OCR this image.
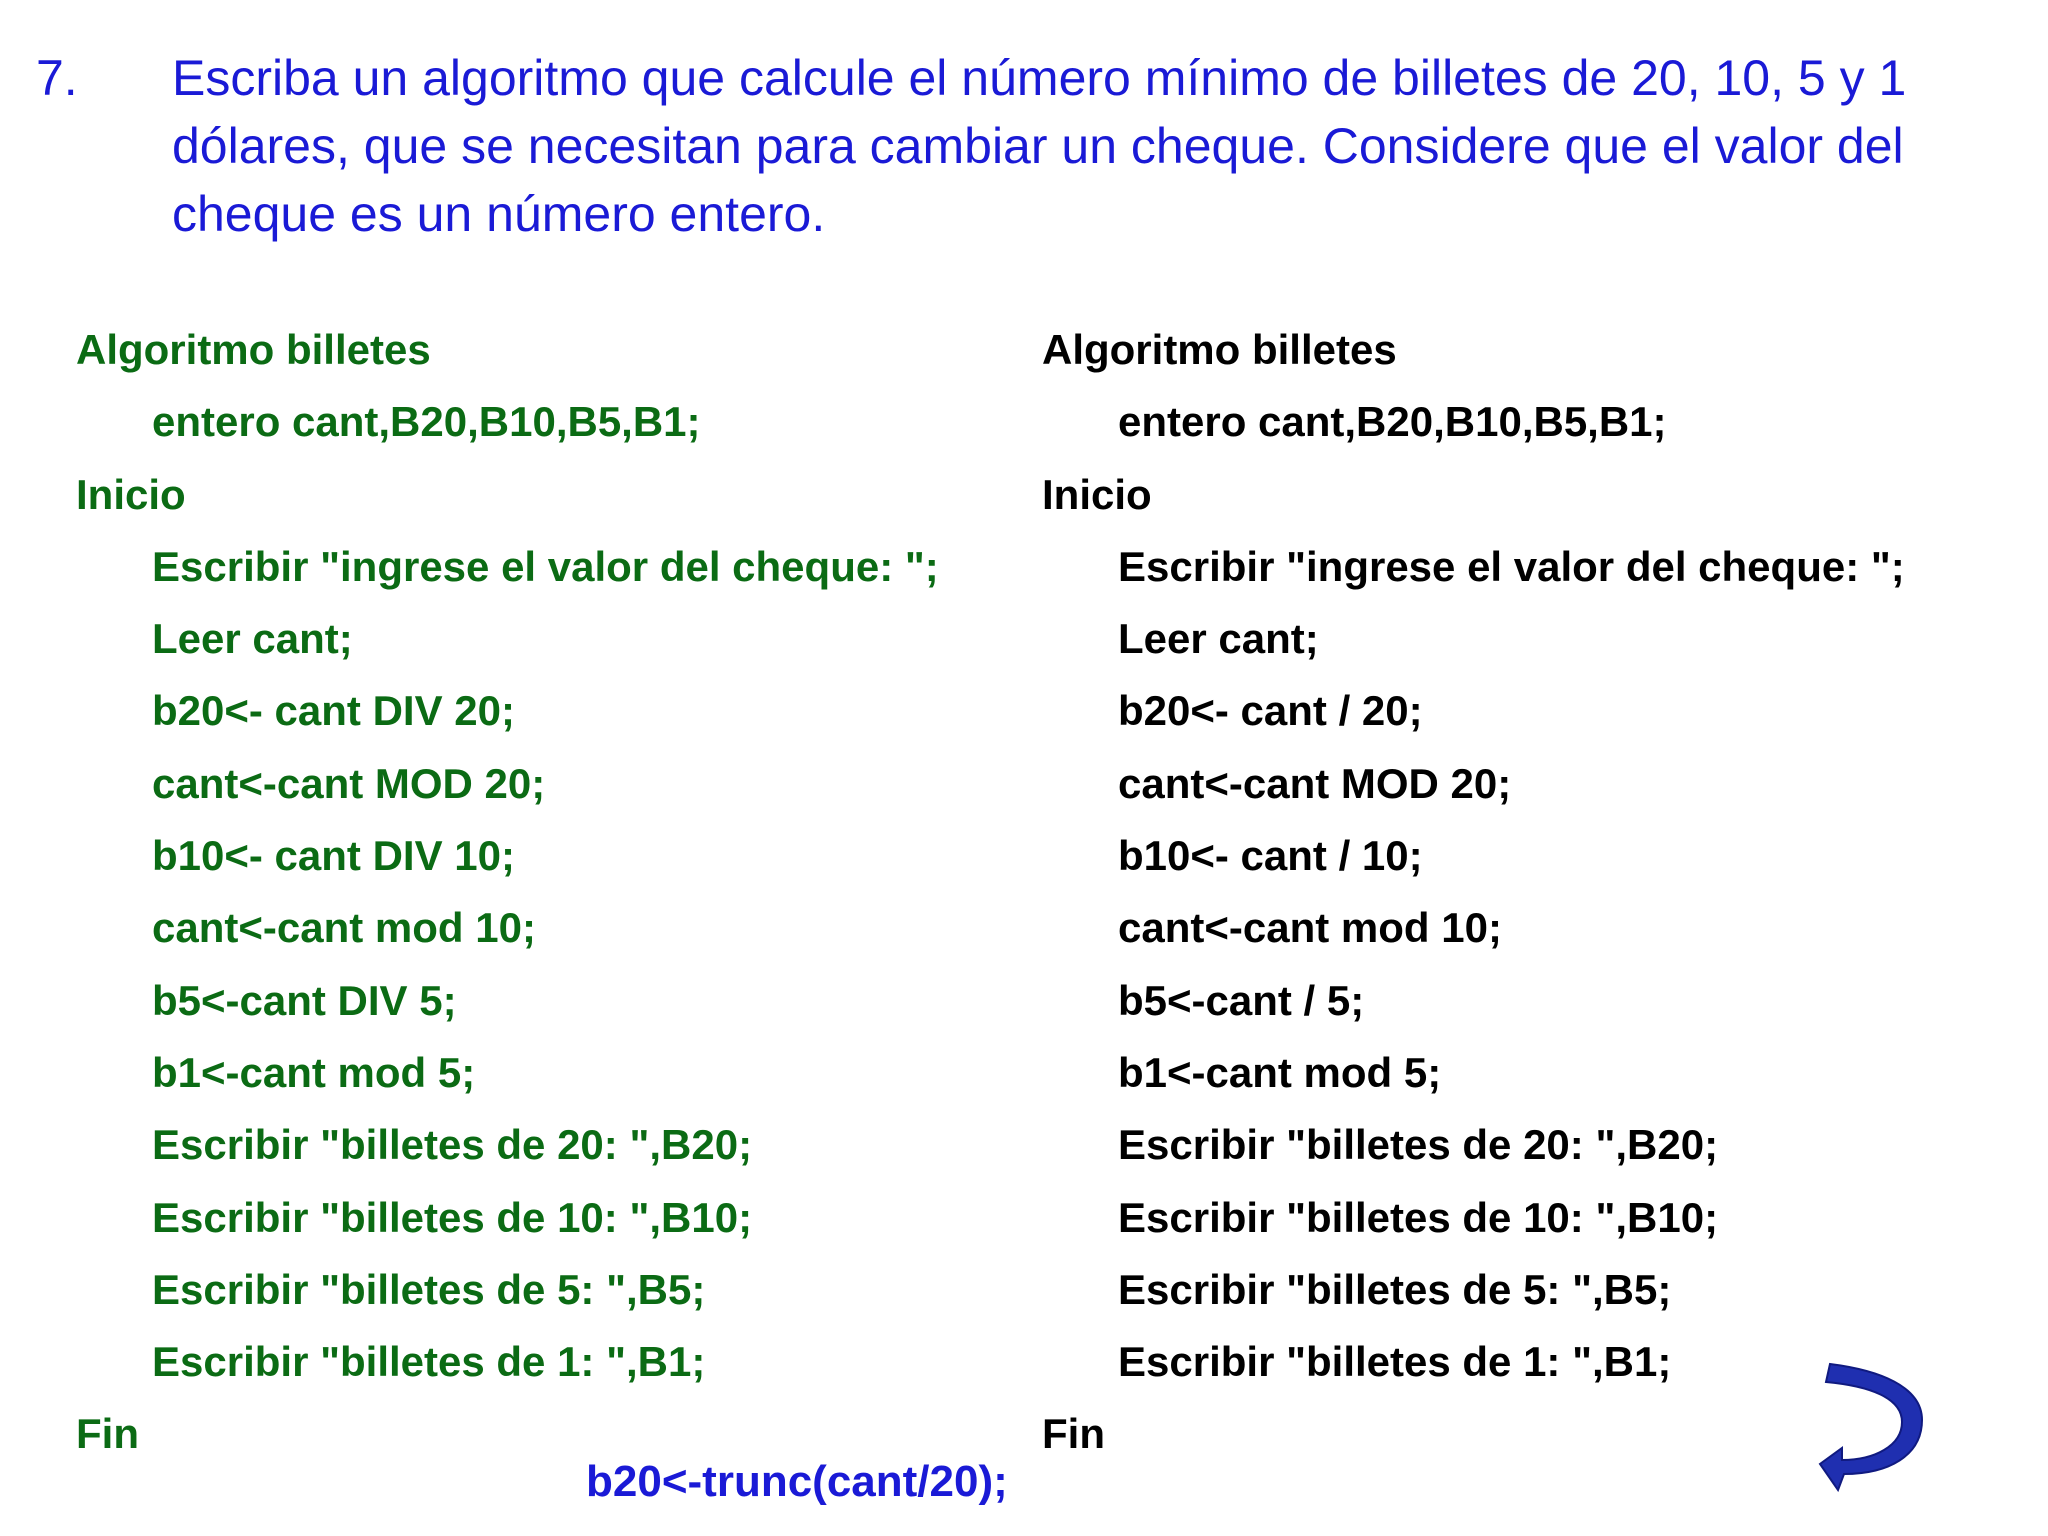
7. Escriba un algoritmo que calcule el número mínimo de billetes de 20, 10, 5 y 1 dólares, que se necesitan para cambiar un cheque. Considere que el valor del cheque es un número entero.
Algoritmo billetes
entero cant,B20,B10,B5,B1;
Inicio
Escribir "ingrese el valor del cheque: ";
Leer cant;
b20<- cant DIV 20;
cant<-cant MOD 20;
b10<- cant DIV 10;
cant<-cant mod 10;
b5<-cant DIV 5;
b1<-cant mod 5;
Escribir "billetes de 20: ",B20;
Escribir "billetes de 10: ",B10;
Escribir "billetes de 5: ",B5;
Escribir "billetes de 1: ",B1;
Fin
Algoritmo billetes
entero cant,B20,B10,B5,B1;
Inicio
Escribir "ingrese el valor del cheque: ";
Leer cant;
b20<- cant / 20;
cant<-cant MOD 20;
b10<- cant / 10;
cant<-cant mod 10;
b5<-cant / 5;
b1<-cant mod 5;
Escribir "billetes de 20: ",B20;
Escribir "billetes de 10: ",B10;
Escribir "billetes de 5: ",B5;
Escribir "billetes de 1: ",B1;
Fin
b20<-trunc(cant/20);
